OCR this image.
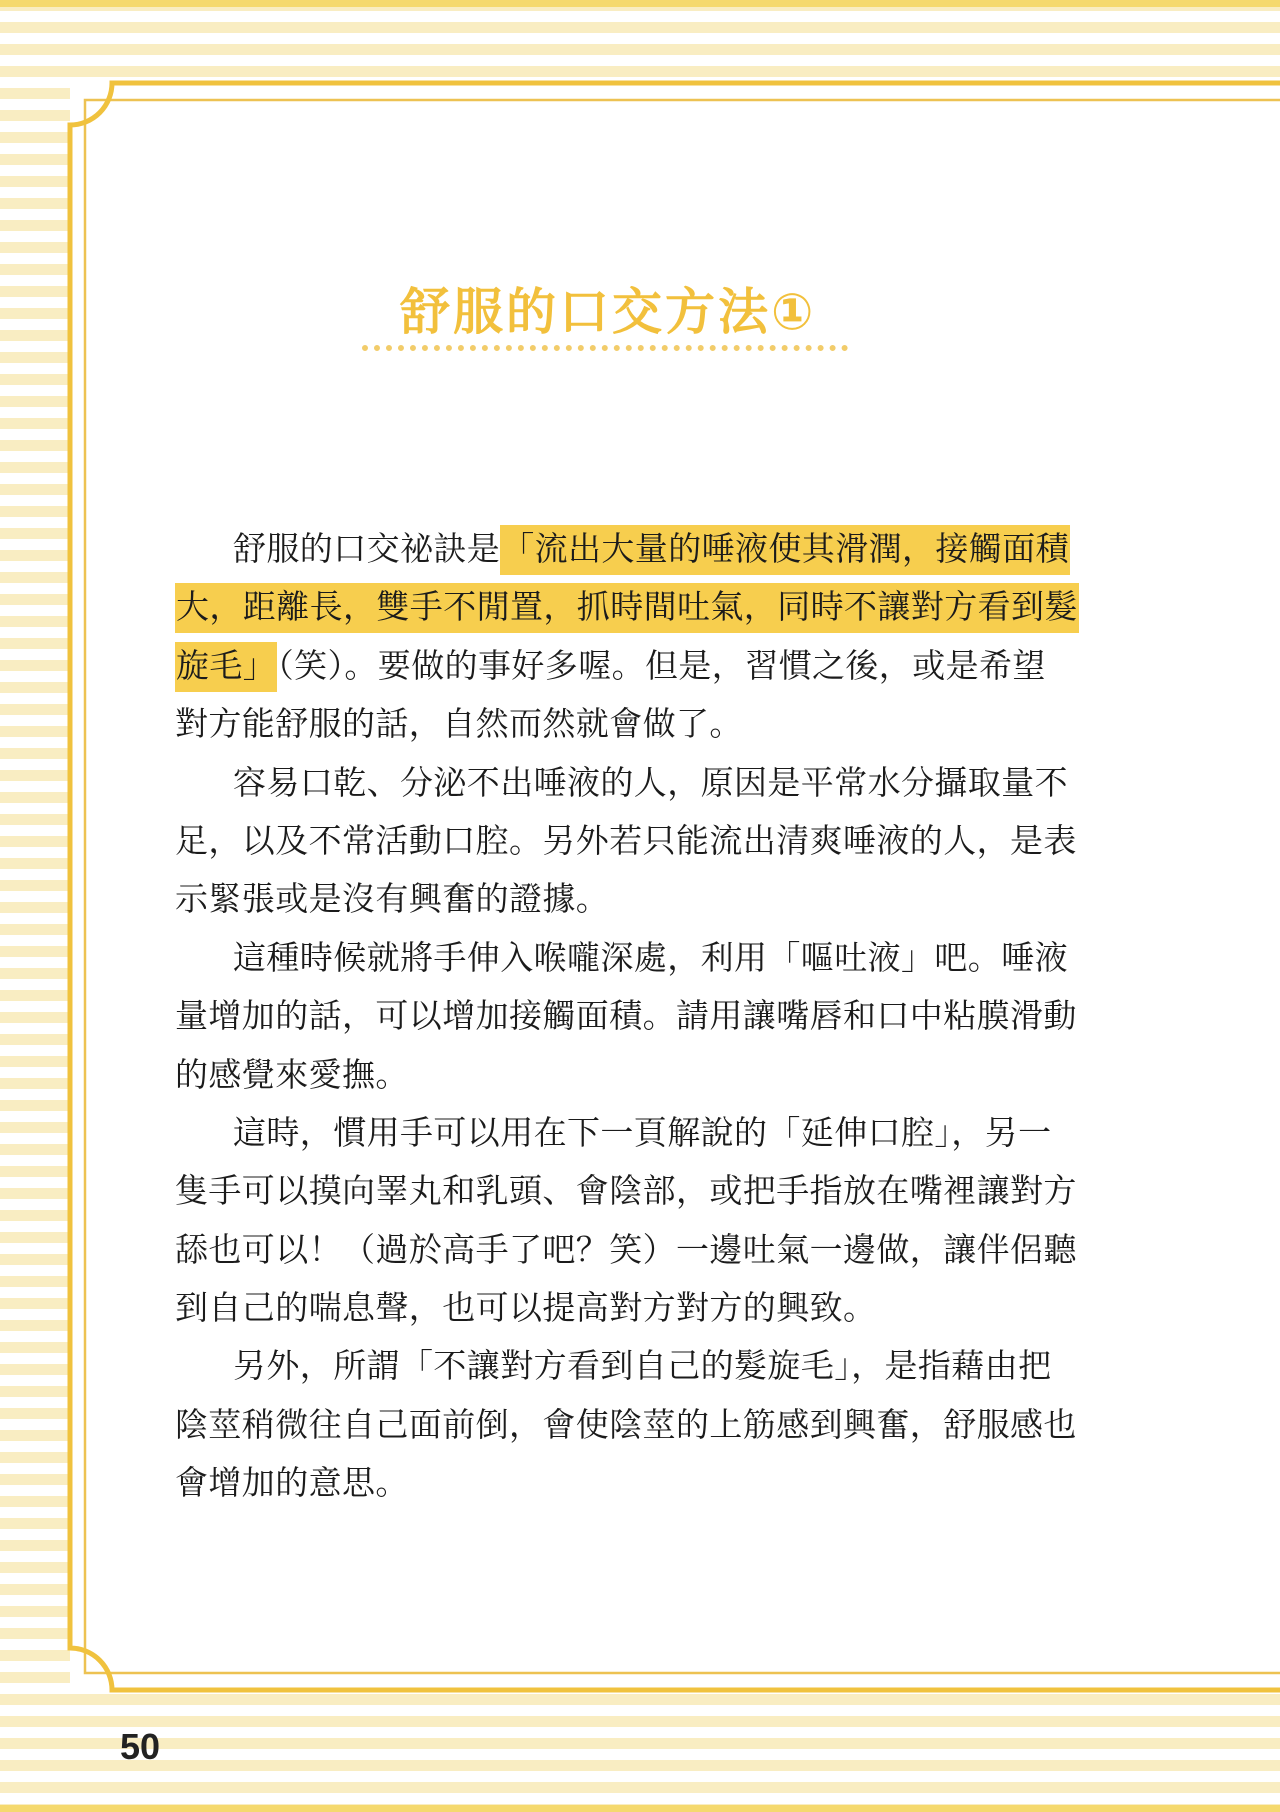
舒服的口交方法①
舒服的口交祕訣是「流出大量的唾液使其滑潤，接觸面積
大，距離長，雙手不閒置，抓時間吐氣，同時不讓對方看到髮
旋毛」（笑）。要做的事好多喔。但是，習慣之後，或是希望
對方能舒服的話，自然而然就會做了。
容易口乾、分泌不出唾液的人，原因是平常水分攝取量不
足，以及不常活動口腔。另外若只能流出清爽唾液的人，是表
示緊張或是沒有興奮的證據。
這種時候就將手伸入喉嚨深處，利用「嘔吐液」吧。唾液
量增加的話，可以增加接觸面積。請用讓嘴唇和口中粘膜滑動
的感覺來愛撫。
這時，慣用手可以用在下一頁解說的「延伸口腔」，另一
隻手可以摸向睪丸和乳頭、會陰部，或把手指放在嘴裡讓對方
舔也可以！（過於高手了吧？笑）一邊吐氣一邊做，讓伴侶聽
到自己的喘息聲，也可以提高對方對方的興致。
另外，所謂「不讓對方看到自己的髮旋毛」，是指藉由把
陰莖稍微往自己面前倒，會使陰莖的上筋感到興奮，舒服感也
會增加的意思。
50
